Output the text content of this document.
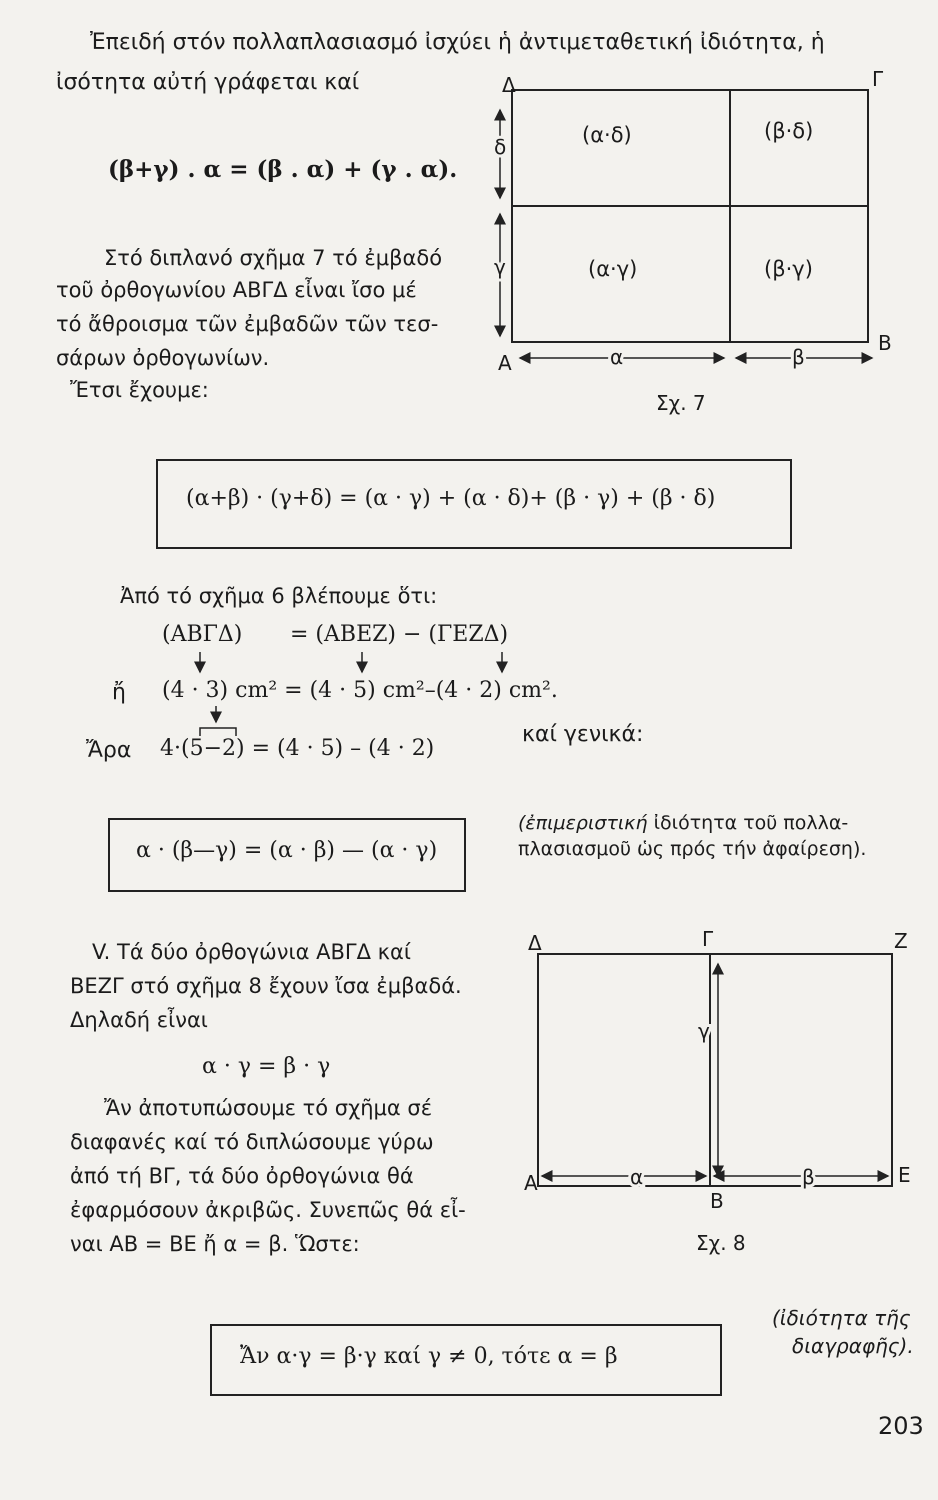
Ἐπειδή στόν πολλαπλασιασμό ἰσχύει ἡ ἀντιμεταθετική ἰδιότητα, ἡ
ἰσότητα αὐτή γράφεται καί
(β+γ) . α = (β . α) + (γ . α).
Στό διπλανό σχῆμα 7 τό ἐμβαδό
τοῦ ὀρθογωνίου ΑΒΓΔ εἶναι ἴσο μέ
τό ἄθροισμα τῶν ἐμβαδῶν τῶν τεσ-
σάρων ὀρθογωνίων.
Ἔτσι ἔχουμε:
Δ	Γ
Α
Β
(α·δ)	(β·δ)
(α·γ)	(β·γ)
δ
γ
α	β
Σχ. 7
(α+β) · (γ+δ) = (α · γ) + (α · δ)+ (β · γ) + (β · δ)
Ἀπό τό σχῆμα 6 βλέπουμε ὅτι:
(ΑΒΓΔ) = (ΑΒΕΖ) − (ΓΕΖΔ)
ἤ (4 · 3) cm² = (4 · 5) cm²–(4 · 2) cm².
Ἄρα 4·(5−2) = (4 · 5) – (4 · 2)
καί γενικά:
α · (β—γ) = (α · β) — (α · γ)
(ἐπιμεριστική ἰδιότητα τοῦ πολλα-
πλασιασμοῦ ὡς πρός τήν ἀφαίρεση).
V. Τά δύο ὀρθογώνια ΑΒΓΔ καί
ΒΕΖΓ στό σχῆμα 8 ἔχουν ἴσα ἐμβαδά.
Δηλαδή εἶναι
α · γ = β · γ
Ἄν ἀποτυπώσουμε τό σχῆμα σέ
διαφανές καί τό διπλώσουμε γύρω
ἀπό τή ΒΓ, τά δύο ὀρθογώνια θά
ἐφαρμόσουν ἀκριβῶς. Συνεπῶς θά εἶ-
ναι ΑΒ = ΒΕ ἤ α = β. Ὥστε:
Δ	Γ	Ζ
Α
Β
Ε
γ
α	β
Σχ. 8
Ἄν α·γ = β·γ καί γ ≠ 0, τότε α = β
(ἰδιότητα τῆς
διαγραφῆς).
203
